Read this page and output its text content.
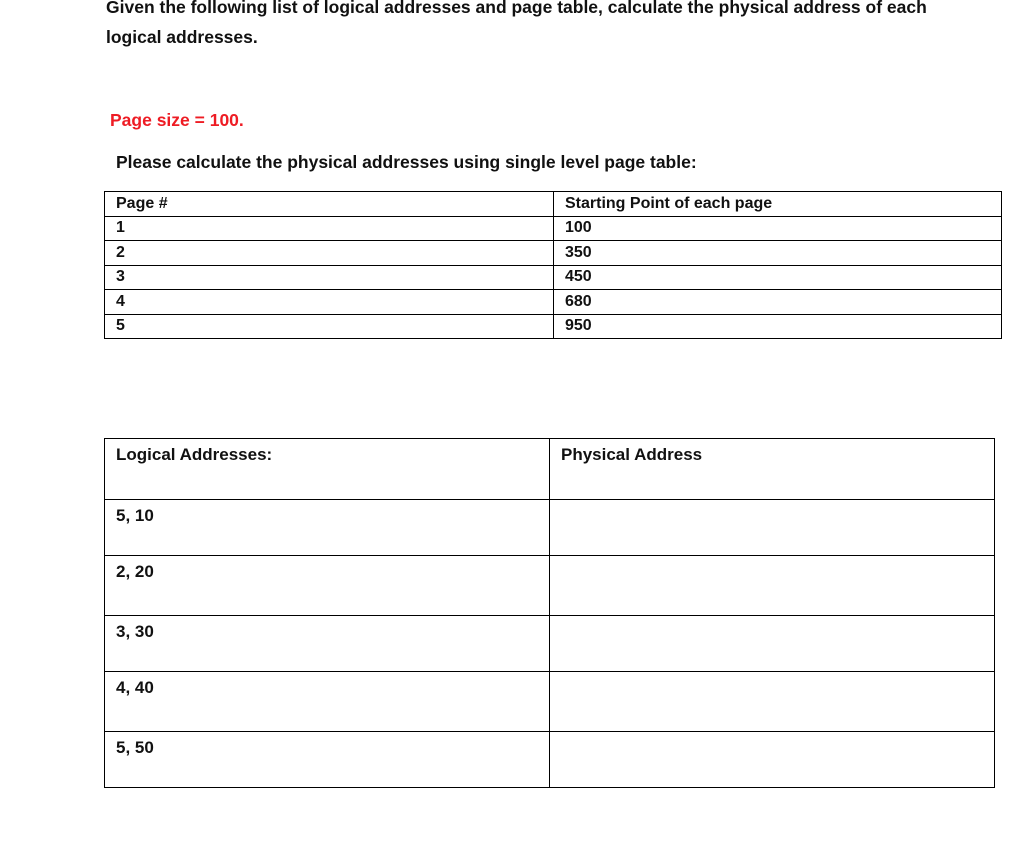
Given the following list of logical addresses and page table, calculate the physical address of each logical addresses.

Page size = 100.

Please calculate the physical addresses using single level page table:

Page #	Starting Point of each page
1	100
2	350
3	450
4	680
5	950
Logical Addresses:	Physical Address
5, 10	
2, 20	
3, 30	
4, 40	
5, 50	
